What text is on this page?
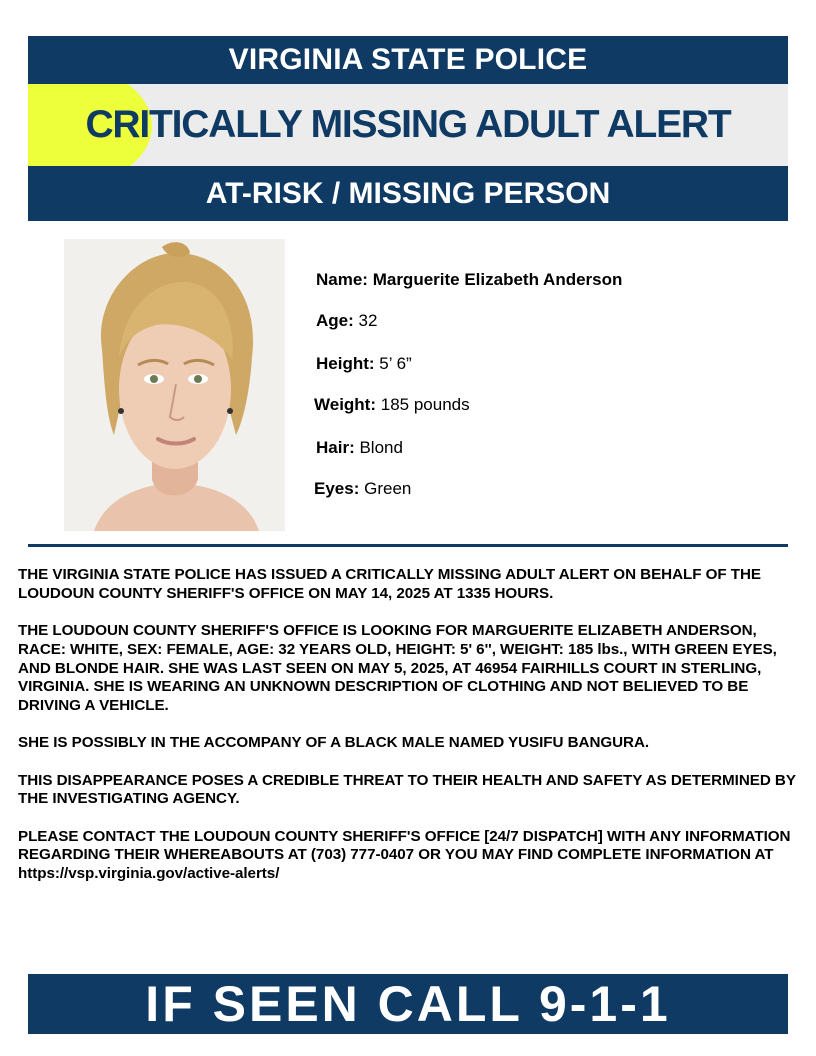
VIRGINIA STATE POLICE
CRITICALLY MISSING ADULT ALERT
AT-RISK / MISSING PERSON
Name: Marguerite Elizabeth Anderson
Age: 32
Height: 5’ 6”
Weight: 185 pounds
Hair: Blond
Eyes: Green

THE VIRGINIA STATE POLICE HAS ISSUED A CRITICALLY MISSING ADULT ALERT ON BEHALF OF THE LOUDOUN COUNTY SHERIFF'S OFFICE ON MAY 14, 2025 AT 1335 HOURS.

THE LOUDOUN COUNTY SHERIFF'S OFFICE IS LOOKING FOR MARGUERITE ELIZABETH ANDERSON, RACE: WHITE, SEX: FEMALE, AGE: 32 YEARS OLD, HEIGHT: 5' 6'', WEIGHT: 185 lbs., WITH GREEN EYES, AND BLONDE HAIR. SHE WAS LAST SEEN ON MAY 5, 2025, AT 46954 FAIRHILLS COURT IN STERLING, VIRGINIA. SHE IS WEARING AN UNKNOWN DESCRIPTION OF CLOTHING AND NOT BELIEVED TO BE DRIVING A VEHICLE.

SHE IS POSSIBLY IN THE ACCOMPANY OF A BLACK MALE NAMED YUSIFU BANGURA.

THIS DISAPPEARANCE POSES A CREDIBLE THREAT TO THEIR HEALTH AND SAFETY AS DETERMINED BY THE INVESTIGATING AGENCY.

PLEASE CONTACT THE LOUDOUN COUNTY SHERIFF'S OFFICE [24/7 DISPATCH] WITH ANY INFORMATION REGARDING THEIR WHEREABOUTS AT (703) 777-0407 OR YOU MAY FIND COMPLETE INFORMATION AT https://vsp.virginia.gov/active-alerts/

IF SEEN CALL 9-1-1
